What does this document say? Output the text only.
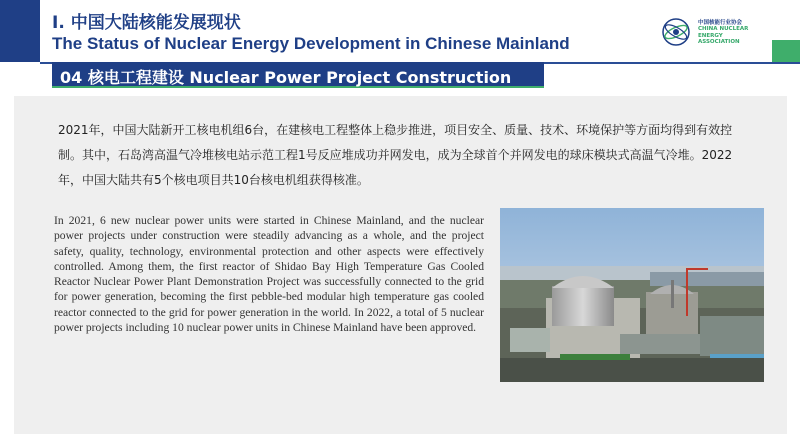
I. 中国大陆核能发展现状
The Status of Nuclear Energy Development in Chinese Mainland
中国核能行业协会
CHINA NUCLEAR ENERGY ASSOCIATION
04 核电工程建设 Nuclear Power Project Construction
2021年，中国大陆新开工核电机组6台，在建核电工程整体上稳步推进，项目安全、质量、技术、环境保护等方面均得到有效控制。其中，石岛湾高温气冷堆核电站示范工程1号反应堆成功并网发电，成为全球首个并网发电的球床模块式高温气冷堆。2022年，中国大陆共有5个核电项目共10台核电机组获得核准。
In 2021, 6 new nuclear power units were started in Chinese Mainland, and the nuclear power projects under construction were steadily advancing as a whole, and the project safety, quality, technology, environmental protection and other aspects were effectively controlled. Among them, the first reactor of Shidao Bay High Temperature Gas Cooled Reactor Nuclear Power Plant Demonstration Project was successfully connected to the grid for power generation, becoming the first pebble-bed modular high temperature gas cooled reactor connected to the grid for power generation in the world. In 2022, a total of 5 nuclear power projects including 10 nuclear power units in Chinese Mainland have been approved.
